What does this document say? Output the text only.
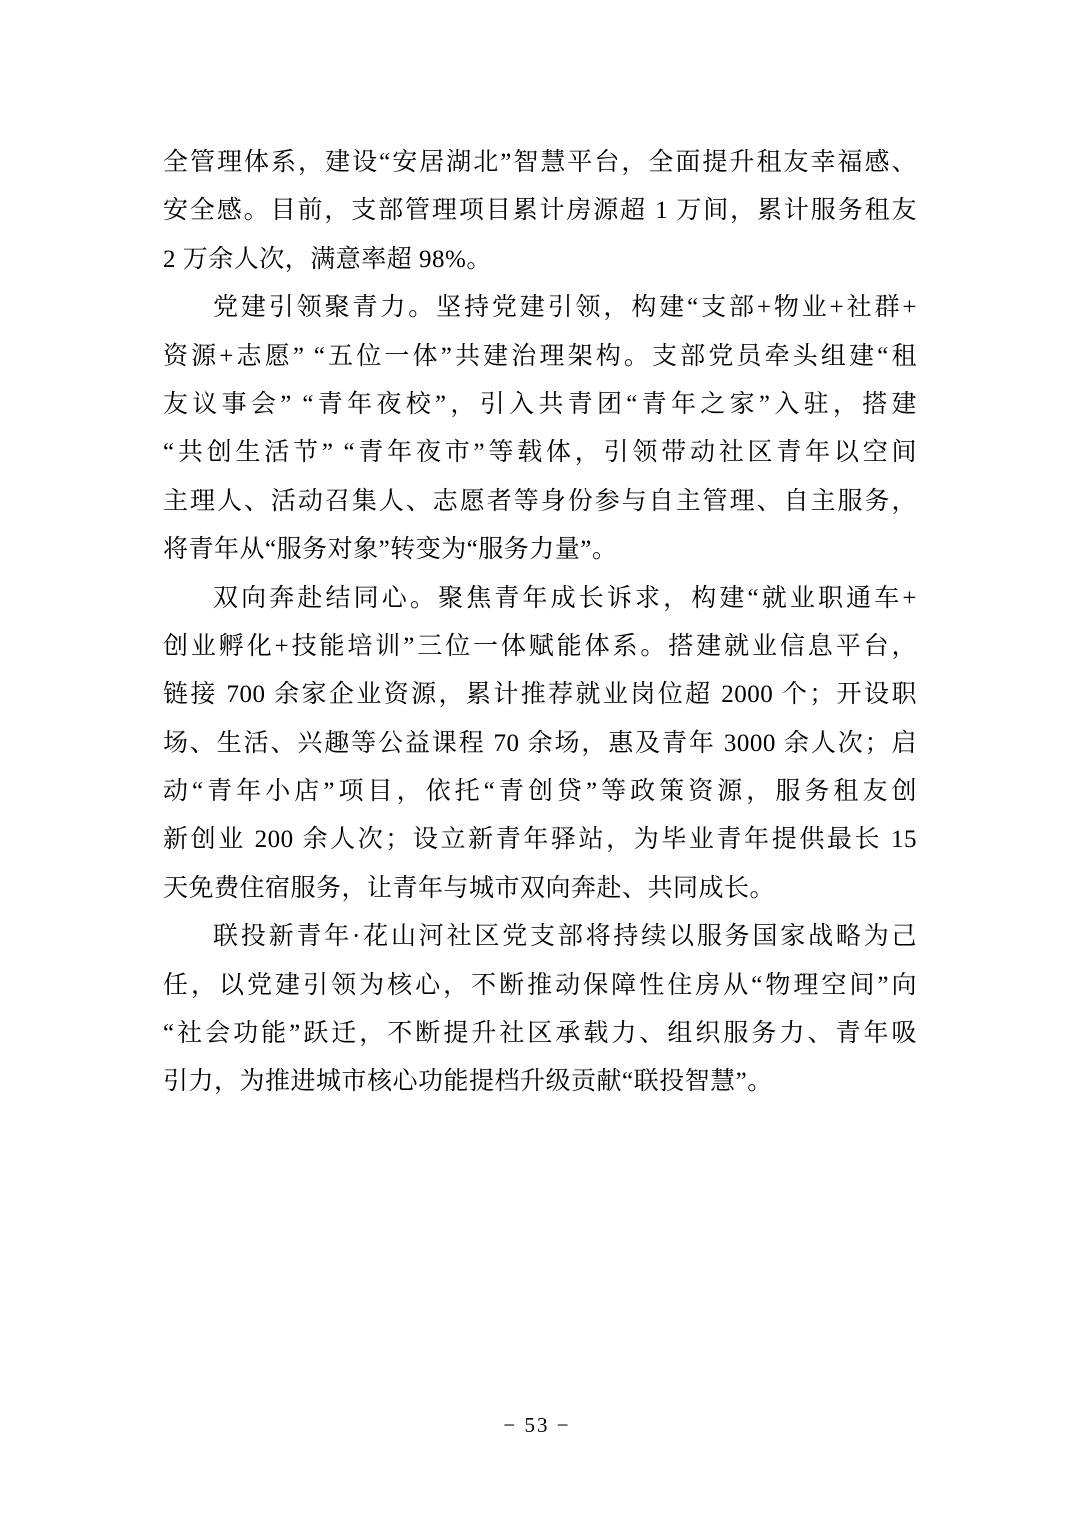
全管理体系，建设“安居湖北”智慧平台，全面提升租友幸福感、
安全感。目前，支部管理项目累计房源超 1 万间，累计服务租友
2 万余人次，满意率超 98%。
党建引领聚青力。坚持党建引领，构建“支部+物业+社群+
资源+志愿” “五位一体”共建治理架构。支部党员牵头组建“租
友议事会” “青年夜校”，引入共青团“青年之家”入驻，搭建
“共创生活节” “青年夜市”等载体，引领带动社区青年以空间
主理人、活动召集人、志愿者等身份参与自主管理、自主服务，
将青年从“服务对象”转变为“服务力量”。
双向奔赴结同心。聚焦青年成长诉求，构建“就业职通车+
创业孵化+技能培训”三位一体赋能体系。搭建就业信息平台，
链接 700 余家企业资源，累计推荐就业岗位超 2000 个；开设职
场、生活、兴趣等公益课程 70 余场，惠及青年 3000 余人次；启
动“青年小店”项目，依托“青创贷”等政策资源，服务租友创
新创业 200 余人次；设立新青年驿站，为毕业青年提供最长 15
天免费住宿服务，让青年与城市双向奔赴、共同成长。
联投新青年·花山河社区党支部将持续以服务国家战略为己
任，以党建引领为核心，不断推动保障性住房从“物理空间”向
“社会功能”跃迁，不断提升社区承载力、组织服务力、青年吸
引力，为推进城市核心功能提档升级贡献“联投智慧”。
− 53 −
